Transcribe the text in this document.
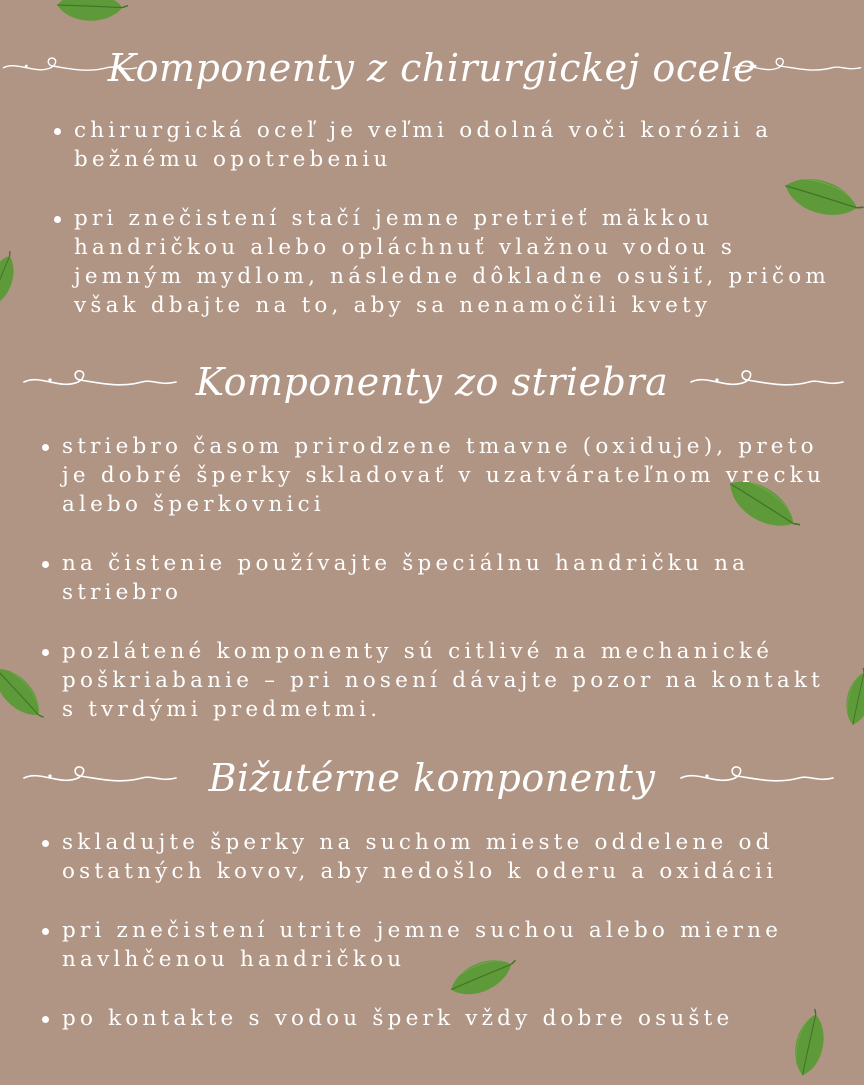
Komponenty z chirurgickej ocele
chirurgická oceľ je veľmi odolná voči korózii a bežnému opotrebeniu
pri znečistení stačí jemne pretrieť mäkkou handričkou alebo opláchnuť vlažnou vodou s jemným mydlom, následne dôkladne osušiť, pričom však dbajte na to, aby sa nenamočili kvety
Komponenty zo striebra
striebro časom prirodzene tmavne (oxiduje), preto je dobré šperky skladovať v uzatvárateľnom vrecku alebo šperkovnici
na čistenie používajte špeciálnu handričku na striebro
pozlátené komponenty sú citlivé na mechanické poškriabanie – pri nosení dávajte pozor na kontakt s tvrdými predmetmi.
Bižutérne komponenty
skladujte šperky na suchom mieste oddelene od ostatných kovov, aby nedošlo k oderu a oxidácii
pri znečistení utrite jemne suchou alebo mierne navlhčenou handričkou
po kontakte s vodou šperk vždy dobre osušte
